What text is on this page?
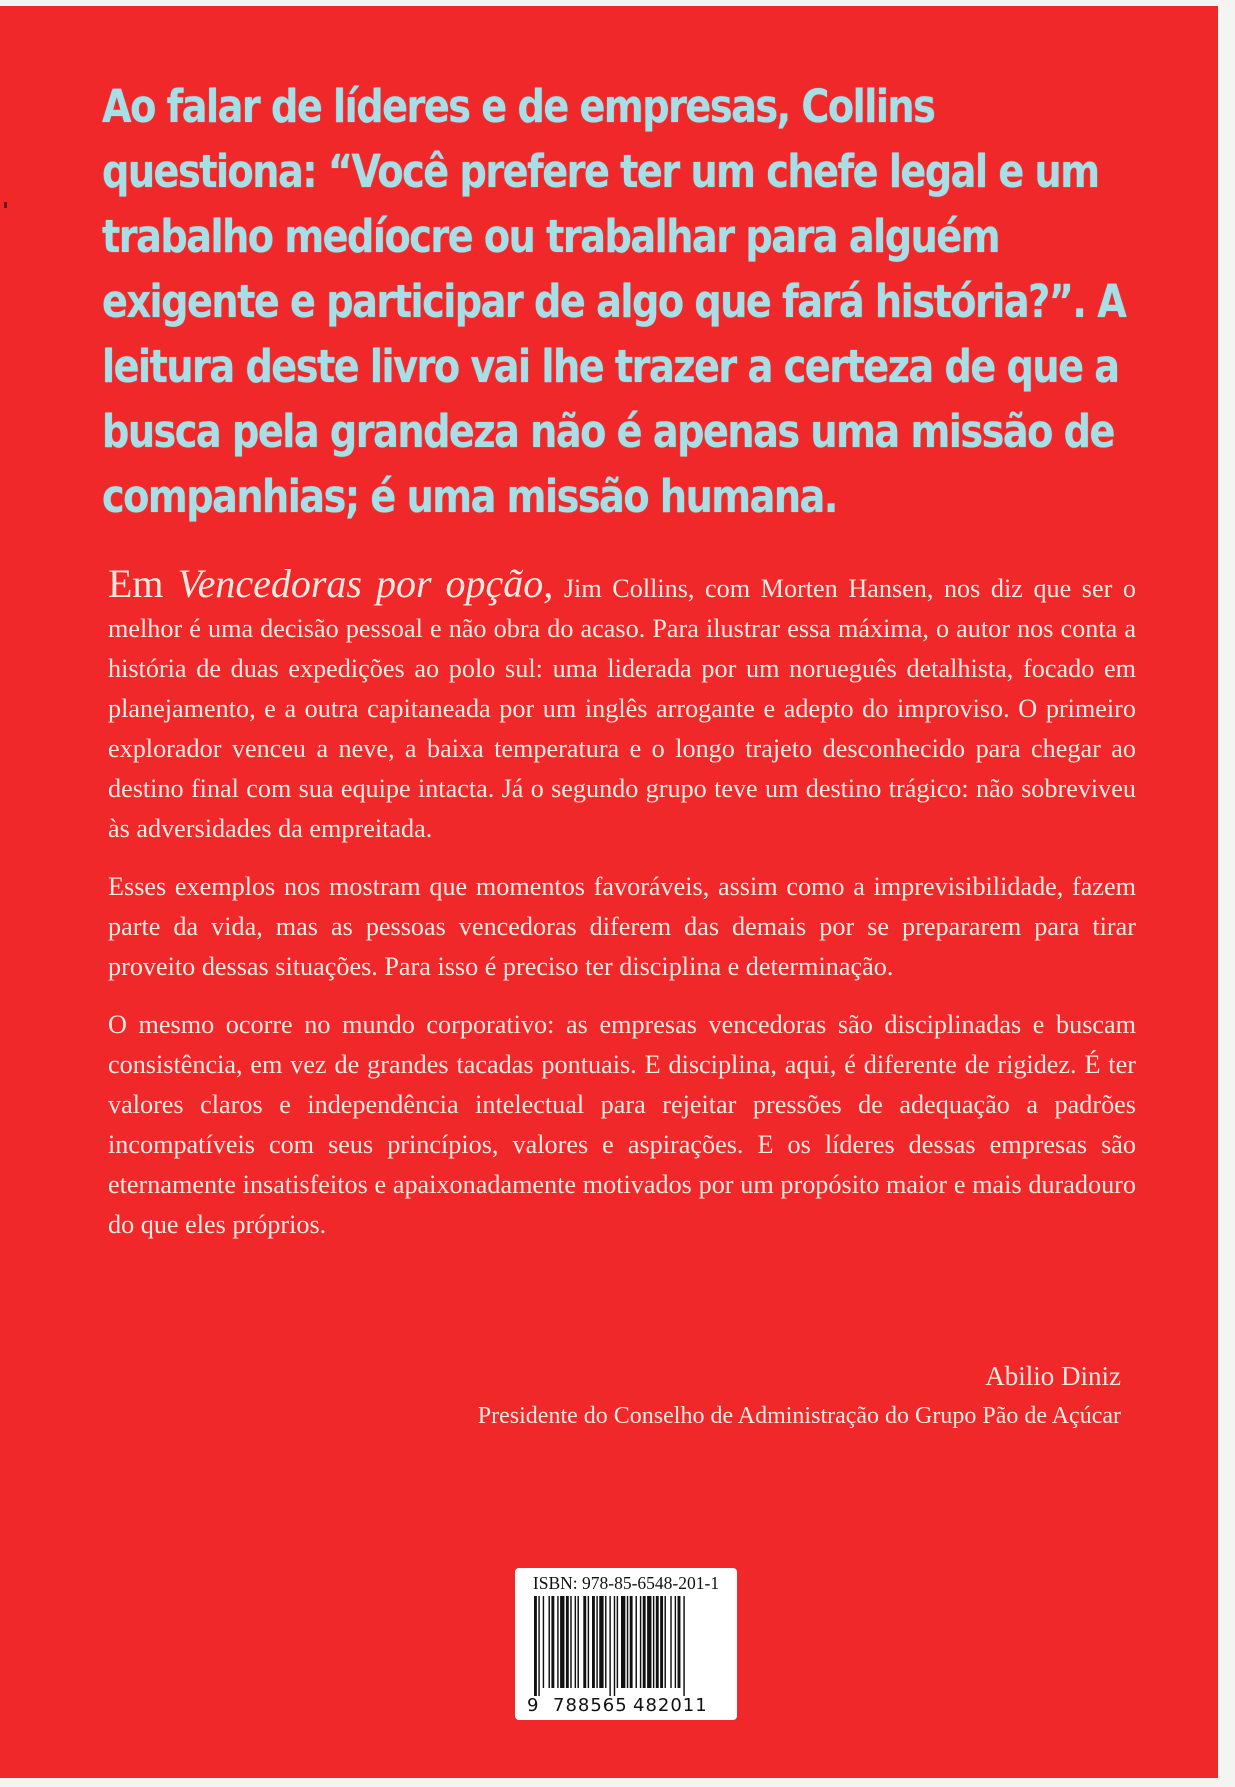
Ao falar de líderes e de empresas, Collins questiona: “Você prefere ter um chefe legal e um trabalho medíocre ou trabalhar para alguém exigente e participar de algo que fará história?”. A leitura deste livro vai lhe trazer a certeza de que a busca pela grandeza não é apenas uma missão de companhias; é uma missão humana.

Em Vencedoras por opção, Jim Collins, com Morten Hansen, nos diz que ser o melhor é uma decisão pessoal e não obra do acaso. Para ilustrar essa máxima, o autor nos conta a história de duas expedições ao polo sul: uma liderada por um norueguês detalhista, focado em planejamento, e a outra capitaneada por um inglês arrogante e adepto do improviso. O primeiro explorador venceu a neve, a baixa temperatura e o longo trajeto desconhecido para chegar ao destino final com sua equipe intacta. Já o segundo grupo teve um destino trágico: não sobreviveu às adversidades da empreitada.

Esses exemplos nos mostram que momentos favoráveis, assim como a imprevisibilidade, fazem parte da vida, mas as pessoas vencedoras diferem das demais por se prepararem para tirar proveito dessas situações. Para isso é preciso ter disciplina e determinação.

O mesmo ocorre no mundo corporativo: as empresas vencedoras são disciplinadas e buscam consistência, em vez de grandes tacadas pontuais. E disciplina, aqui, é diferente de rigidez. É ter valores claros e independência intelectual para rejeitar pressões de adequação a padrões incompatíveis com seus princípios, valores e aspirações. E os líderes dessas empresas são eternamente insatisfeitos e apaixonadamente motivados por um propósito maior e mais duradouro do que eles próprios.

Abilio Diniz
Presidente do Conselho de Administração do Grupo Pão de Açúcar
ISBN: 978-85-6548-201-1
9 788565 482011
